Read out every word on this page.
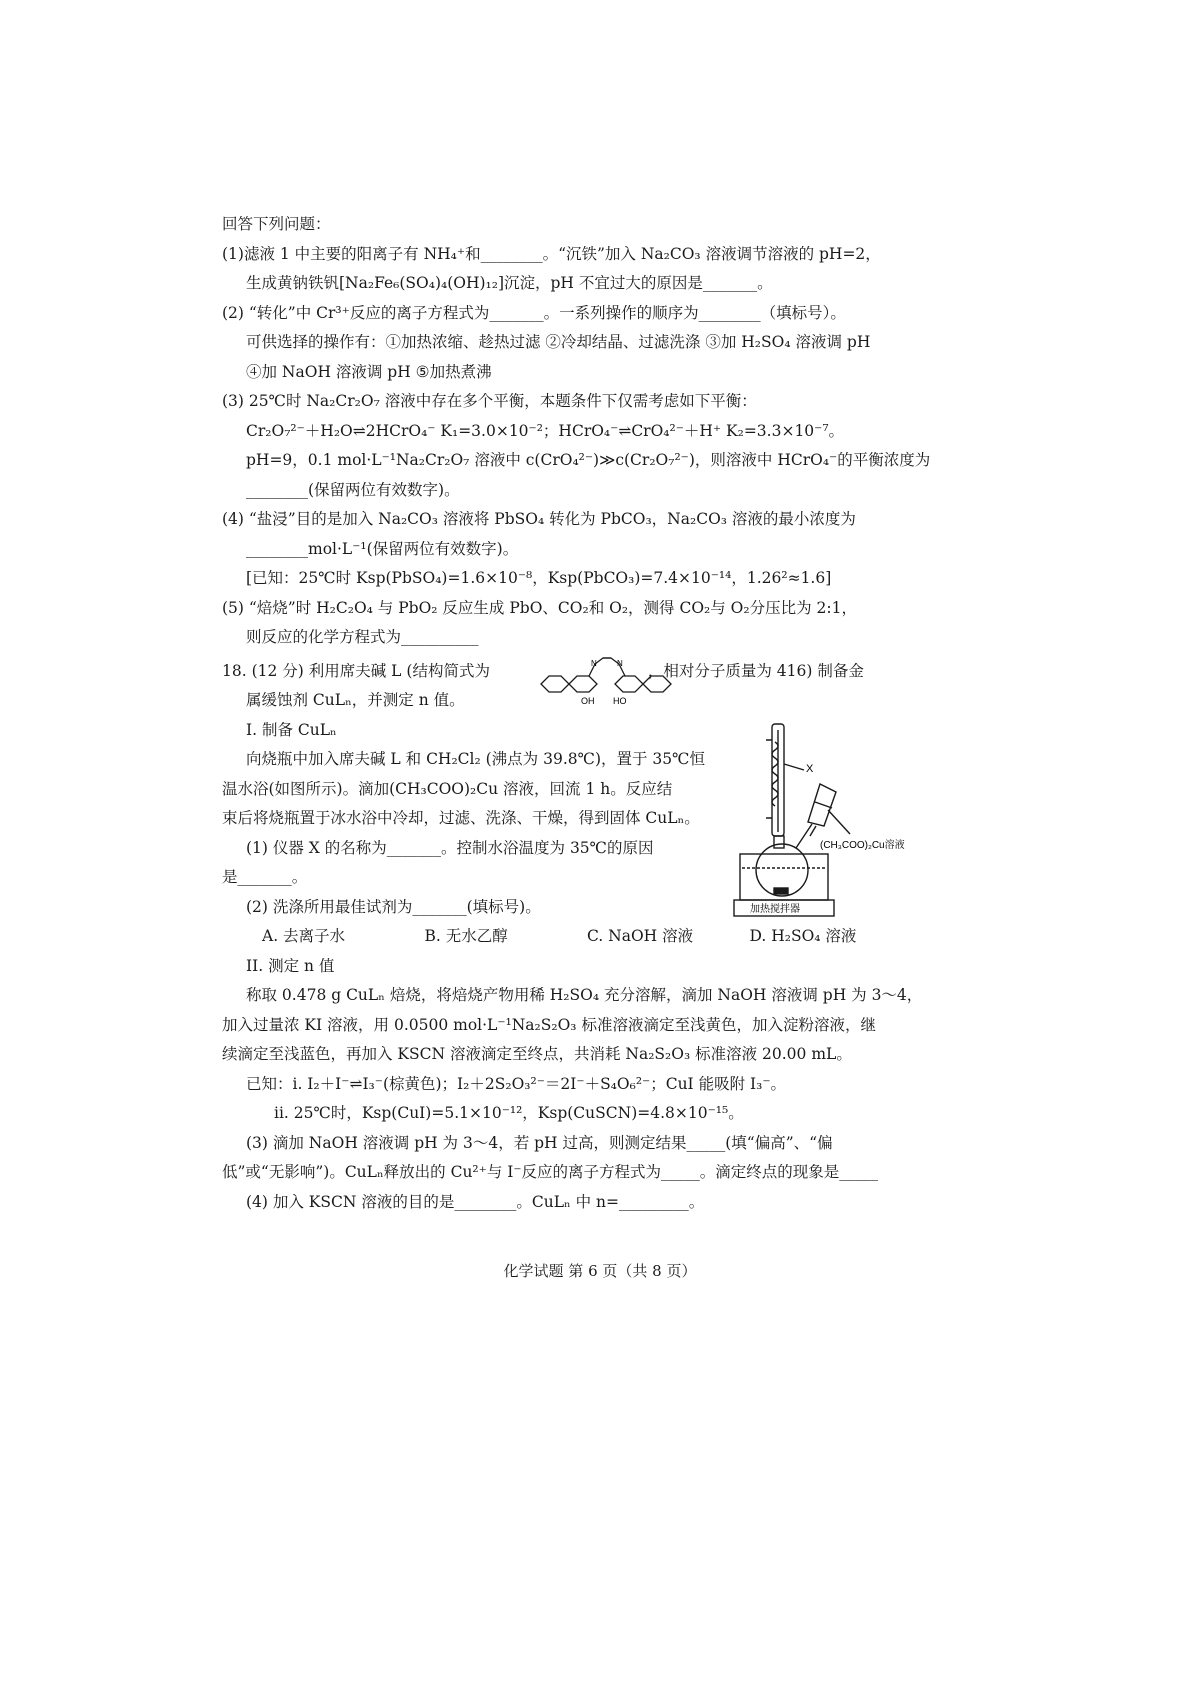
回答下列问题：
(1)滤液 1 中主要的阳离子有 NH₄⁺和________。“沉铁”加入 Na₂CO₃ 溶液调节溶液的 pH=2，
生成黄钠铁钒[Na₂Fe₆(SO₄)₄(OH)₁₂]沉淀，pH 不宜过大的原因是_______。
(2) “转化”中 Cr³⁺反应的离子方程式为_______。一系列操作的顺序为________（填标号）。
可供选择的操作有：①加热浓缩、趁热过滤 ②冷却结晶、过滤洗涤 ③加 H₂SO₄ 溶液调 pH
④加 NaOH 溶液调 pH ⑤加热煮沸
(3) 25℃时 Na₂Cr₂O₇ 溶液中存在多个平衡，本题条件下仅需考虑如下平衡：
Cr₂O₇²⁻＋H₂O⇌2HCrO₄⁻ K₁=3.0×10⁻²；HCrO₄⁻⇌CrO₄²⁻＋H⁺ K₂=3.3×10⁻⁷。
pH=9，0.1 mol·L⁻¹Na₂Cr₂O₇ 溶液中 c(CrO₄²⁻)≫c(Cr₂O₇²⁻)，则溶液中 HCrO₄⁻的平衡浓度为
________(保留两位有效数字)。
(4) “盐浸”目的是加入 Na₂CO₃ 溶液将 PbSO₄ 转化为 PbCO₃，Na₂CO₃ 溶液的最小浓度为
________mol·L⁻¹(保留两位有效数字)。
[已知：25℃时 Ksp(PbSO₄)=1.6×10⁻⁸，Ksp(PbCO₃)=7.4×10⁻¹⁴，1.26²≈1.6]
(5) “焙烧”时 H₂C₂O₄ 与 PbO₂ 反应生成 PbO、CO₂和 O₂，测得 CO₂与 O₂分压比为 2:1，
则反应的化学方程式为__________
18. (12 分) 利用席夫碱 L (结构简式为	，相对分子质量为 416) 制备金
属缓蚀剂 CuLₙ，并测定 n 值。
I. 制备 CuLₙ
向烧瓶中加入席夫碱 L 和 CH₂Cl₂ (沸点为 39.8℃)，置于 35℃恒
温水浴(如图所示)。滴加(CH₃COO)₂Cu 溶液，回流 1 h。反应结
束后将烧瓶置于冰水浴中冷却，过滤、洗涤、干燥，得到固体 CuLₙ。
(1) 仪器 X 的名称为_______。控制水浴温度为 35℃的原因
是_______。
(2) 洗涤所用最佳试剂为_______(填标号)。
A. 去离子水	B. 无水乙醇	C. NaOH 溶液	D. H₂SO₄ 溶液
II. 测定 n 值
称取 0.478 g CuLₙ 焙烧，将焙烧产物用稀 H₂SO₄ 充分溶解，滴加 NaOH 溶液调 pH 为 3～4，
加入过量浓 KI 溶液，用 0.0500 mol·L⁻¹Na₂S₂O₃ 标准溶液滴定至浅黄色，加入淀粉溶液，继
续滴定至浅蓝色，再加入 KSCN 溶液滴定至终点，共消耗 Na₂S₂O₃ 标准溶液 20.00 mL。
已知：i. I₂＋I⁻⇌I₃⁻(棕黄色)；I₂＋2S₂O₃²⁻＝2I⁻＋S₄O₆²⁻；CuI 能吸附 I₃⁻。
ii. 25℃时，Ksp(CuI)=5.1×10⁻¹²，Ksp(CuSCN)=4.8×10⁻¹⁵。
(3) 滴加 NaOH 溶液调 pH 为 3～4，若 pH 过高，则测定结果_____(填“偏高”、“偏
低”或“无影响”)。CuLₙ释放出的 Cu²⁺与 I⁻反应的离子方程式为_____。滴定终点的现象是_____
(4) 加入 KSCN 溶液的目的是________。CuLₙ 中 n=_________。
OH HO
N	N
X
(CH₃COO)₂Cu溶液
加热搅拌器
化学试题 第 6 页（共 8 页）
